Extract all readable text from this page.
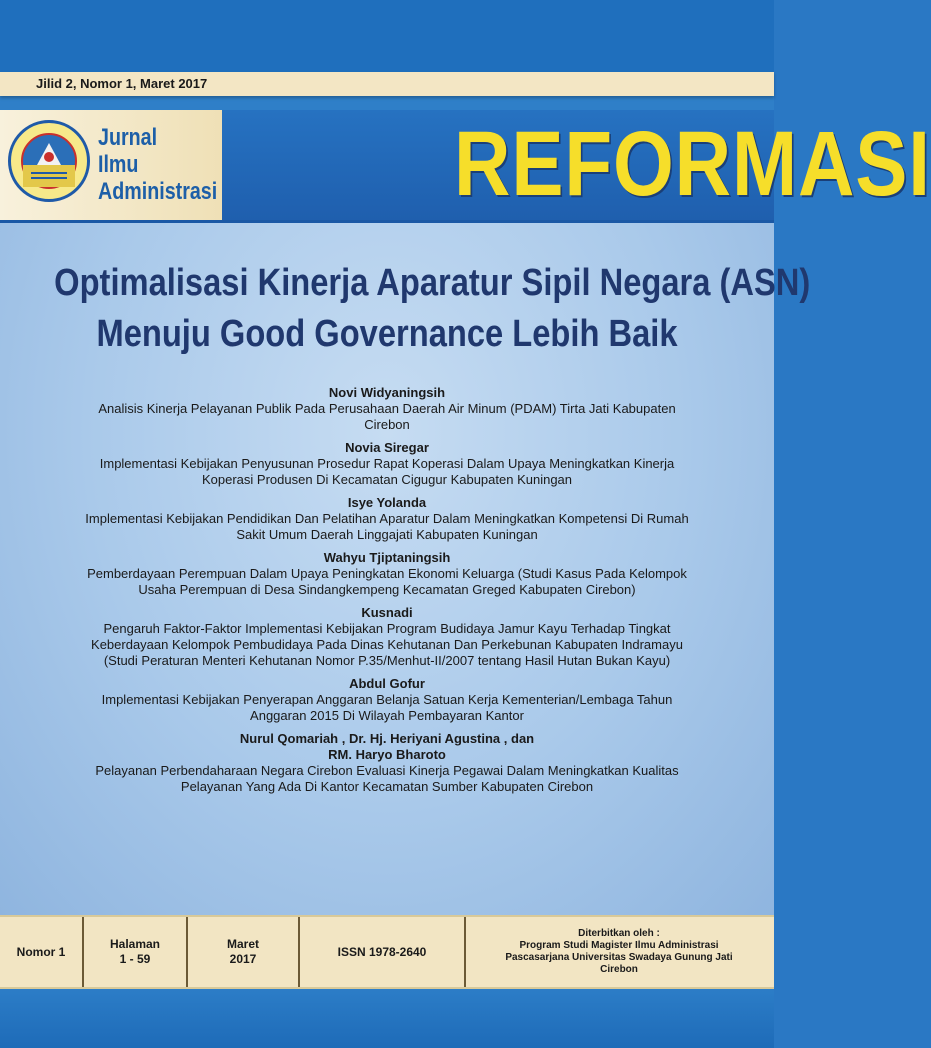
Jilid 2, Nomor 1, Maret 2017
Jurnal
Ilmu
Administrasi	REFORMASI
Optimalisasi Kinerja Aparatur Sipil Negara (ASN)
Menuju Good Governance Lebih Baik
Novi Widyaningsih
Analisis Kinerja Pelayanan Publik Pada Perusahaan Daerah Air Minum (PDAM) Tirta Jati Kabupaten Cirebon
Novia Siregar
Implementasi Kebijakan Penyusunan Prosedur Rapat Koperasi Dalam Upaya Meningkatkan Kinerja Koperasi Produsen Di Kecamatan Cigugur Kabupaten Kuningan
Isye Yolanda
Implementasi Kebijakan Pendidikan Dan Pelatihan Aparatur Dalam Meningkatkan Kompetensi Di Rumah Sakit Umum Daerah Linggajati Kabupaten Kuningan
Wahyu Tjiptaningsih
Pemberdayaan Perempuan Dalam Upaya Peningkatan Ekonomi Keluarga (Studi Kasus Pada Kelompok Usaha Perempuan di Desa Sindangkempeng Kecamatan Greged Kabupaten Cirebon)
Kusnadi
Pengaruh Faktor-Faktor Implementasi Kebijakan Program Budidaya Jamur Kayu Terhadap Tingkat Keberdayaan Kelompok Pembudidaya Pada Dinas Kehutanan Dan Perkebunan Kabupaten Indramayu (Studi Peraturan Menteri Kehutanan Nomor P.35/Menhut-II/2007 tentang Hasil Hutan Bukan Kayu)
Abdul Gofur
Implementasi Kebijakan Penyerapan Anggaran Belanja Satuan Kerja Kementerian/Lembaga Tahun Anggaran 2015 Di Wilayah Pembayaran Kantor
Nurul Qomariah , Dr. Hj. Heriyani Agustina , dan RM. Haryo Bharoto
Pelayanan Perbendaharaan Negara Cirebon Evaluasi Kinerja Pegawai Dalam Meningkatkan Kualitas Pelayanan Yang Ada Di Kantor Kecamatan Sumber Kabupaten Cirebon
Nomor 1
Halaman
1 - 59
Maret
2017
ISSN 1978-2640
Diterbitkan oleh :
Program Studi Magister Ilmu Administrasi
Pascasarjana Universitas Swadaya Gunung Jati
Cirebon
